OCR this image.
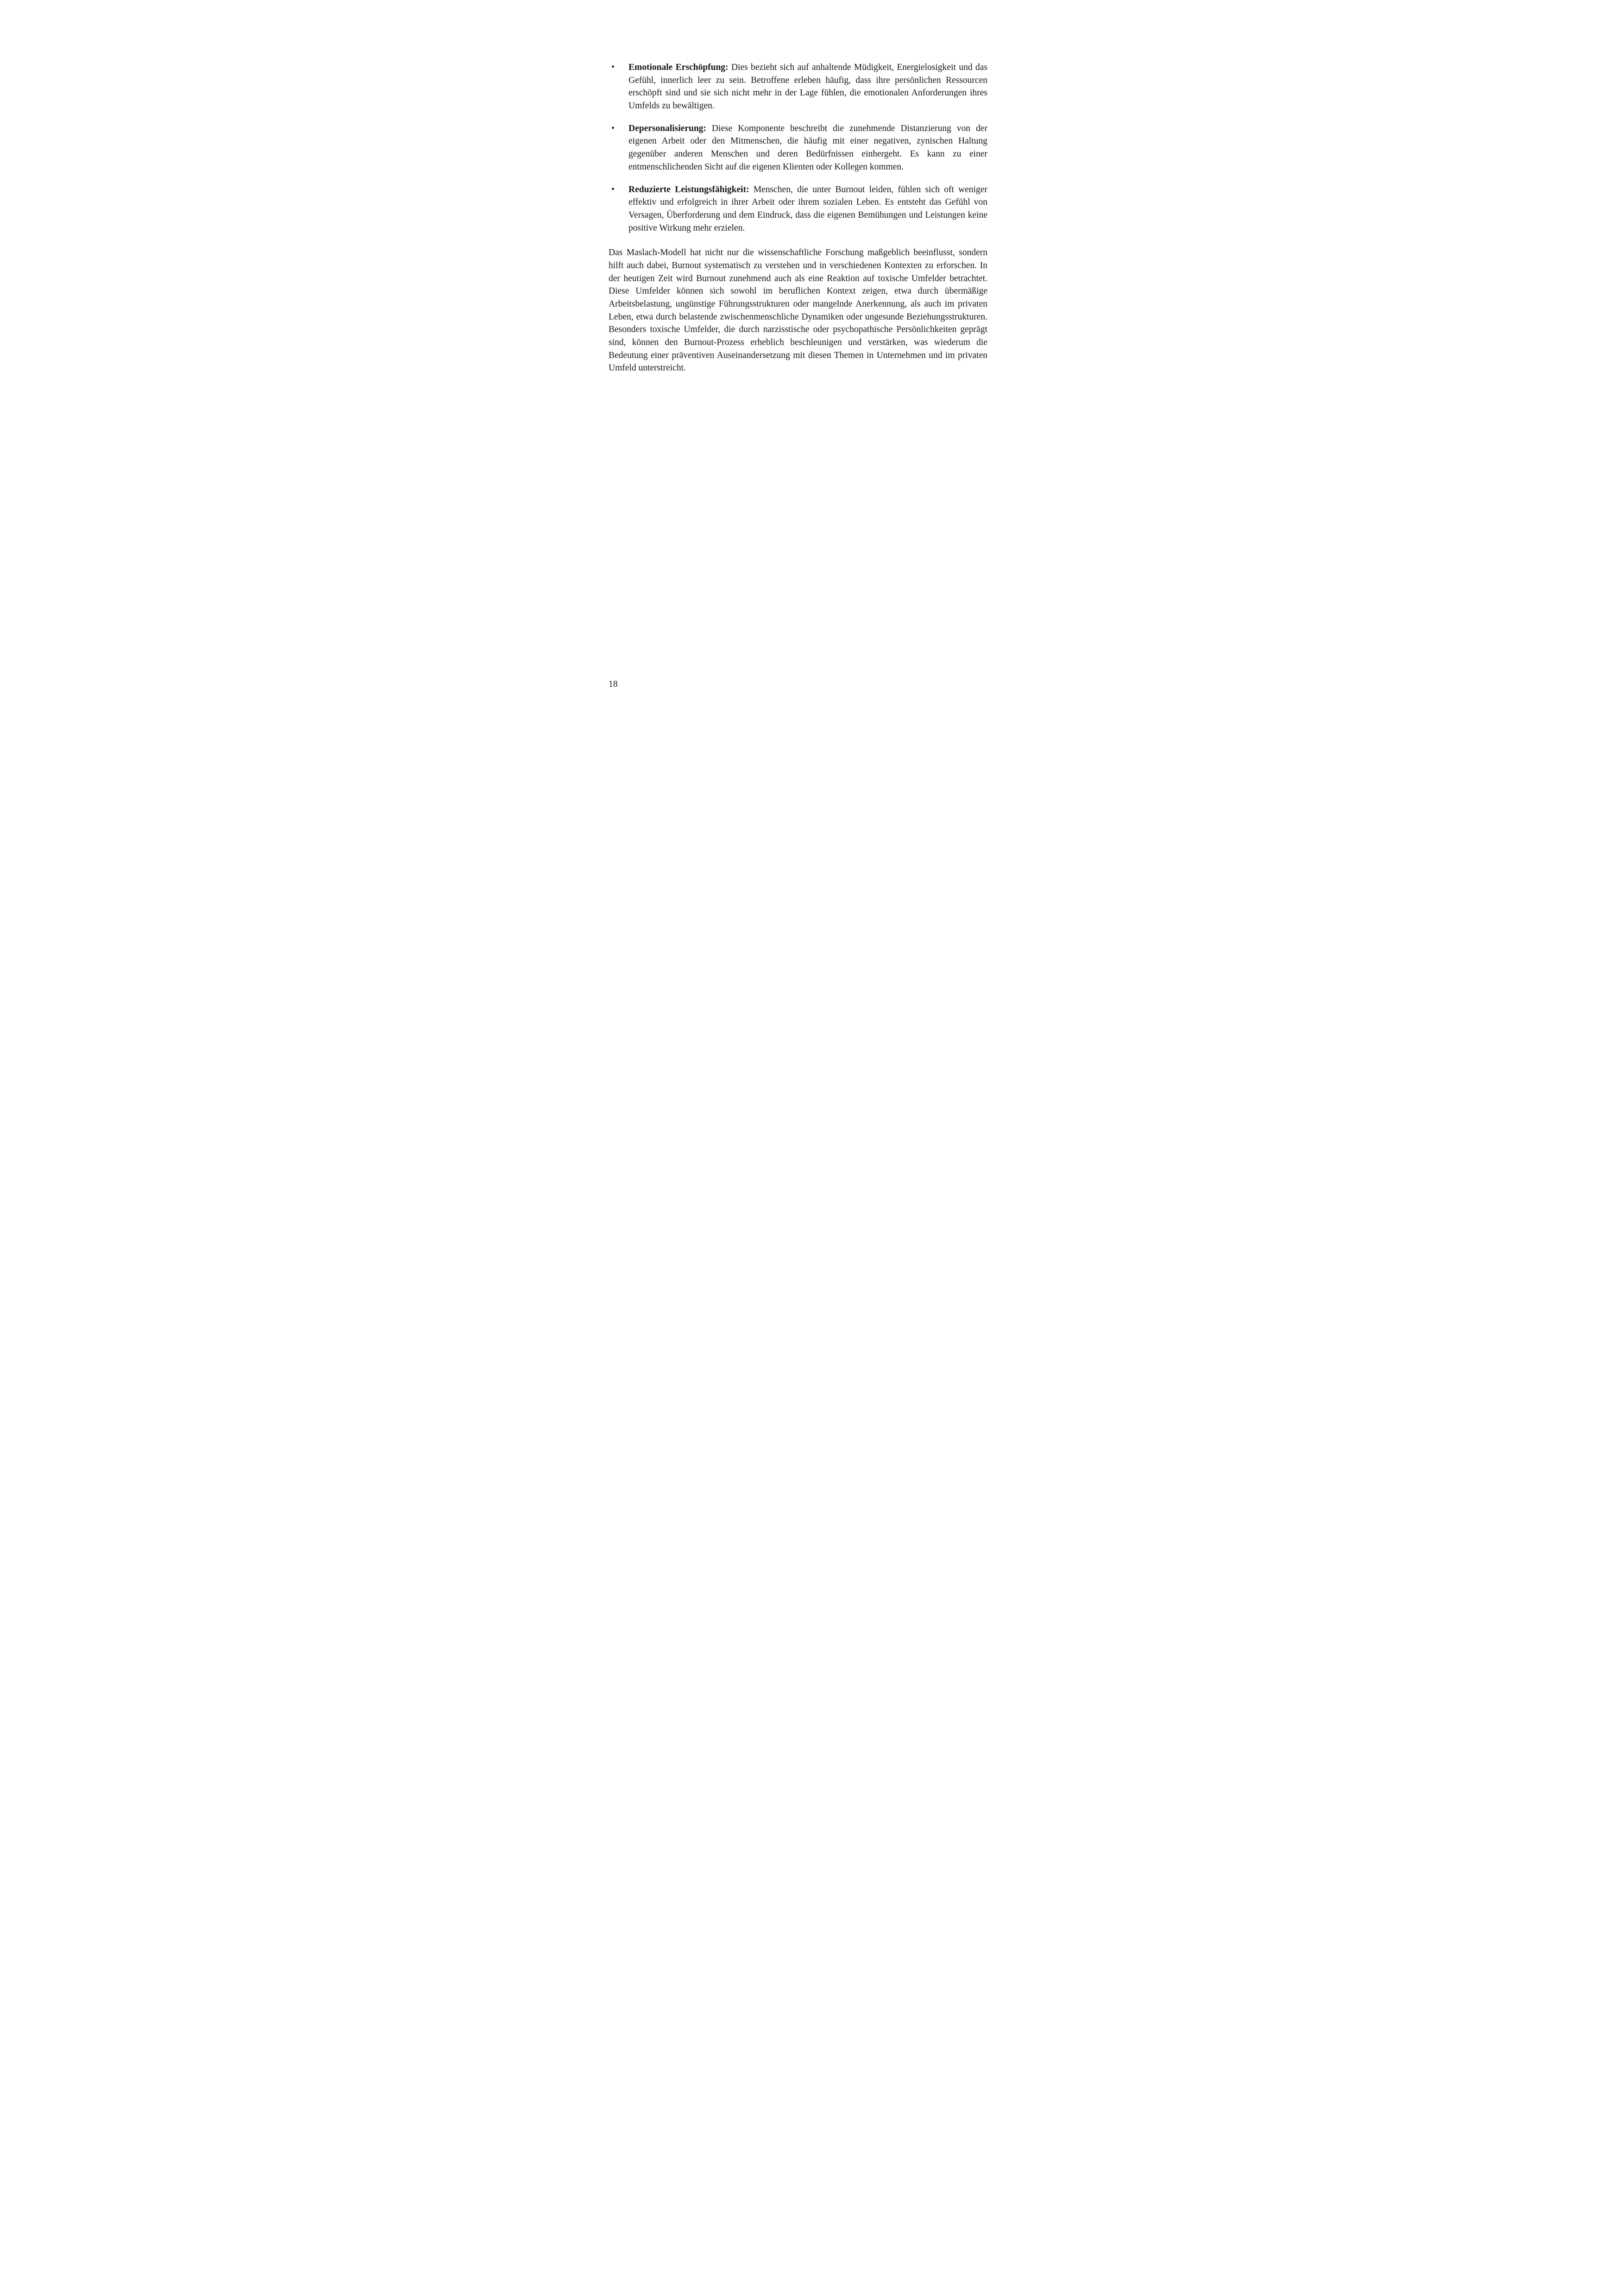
•	Emotionale Erschöpfung: Dies bezieht sich auf anhaltende Müdigkeit, Energielosigkeit und das Gefühl, innerlich leer zu sein. Betroffene erleben häufig, dass ihre persönlichen Ressourcen erschöpft sind und sie sich nicht mehr in der Lage fühlen, die emotionalen Anforderungen ihres Umfelds zu bewältigen.

•	Depersonalisierung: Diese Komponente beschreibt die zunehmende Distanzierung von der eigenen Arbeit oder den Mitmenschen, die häufig mit einer negativen, zynischen Haltung gegenüber anderen Menschen und deren Bedürfnissen einhergeht. Es kann zu einer entmenschlichenden Sicht auf die eigenen Klienten oder Kollegen kommen.

•	Reduzierte Leistungsfähigkeit: Menschen, die unter Burnout leiden, fühlen sich oft weniger effektiv und erfolgreich in ihrer Arbeit oder ihrem sozialen Leben. Es entsteht das Gefühl von Versagen, Überforderung und dem Eindruck, dass die eigenen Bemühungen und Leistungen keine positive Wirkung mehr erzielen.

Das Maslach-Modell hat nicht nur die wissenschaftliche Forschung maßgeblich beeinflusst, sondern hilft auch dabei, Burnout systematisch zu verstehen und in verschiedenen Kontexten zu erforschen. In der heutigen Zeit wird Burnout zunehmend auch als eine Reaktion auf toxische Umfelder betrachtet. Diese Umfelder können sich sowohl im beruflichen Kontext zeigen, etwa durch übermäßige Arbeitsbelastung, ungünstige Führungsstrukturen oder mangelnde Anerkennung, als auch im privaten Leben, etwa durch belastende zwischenmenschliche Dynamiken oder ungesunde Beziehungsstrukturen. Besonders toxische Umfelder, die durch narzisstische oder psychopathische Persönlichkeiten geprägt sind, können den Burnout-Prozess erheblich beschleunigen und verstärken, was wiederum die Bedeutung einer präventiven Auseinandersetzung mit diesen Themen in Unternehmen und im privaten Umfeld unterstreicht.

18
